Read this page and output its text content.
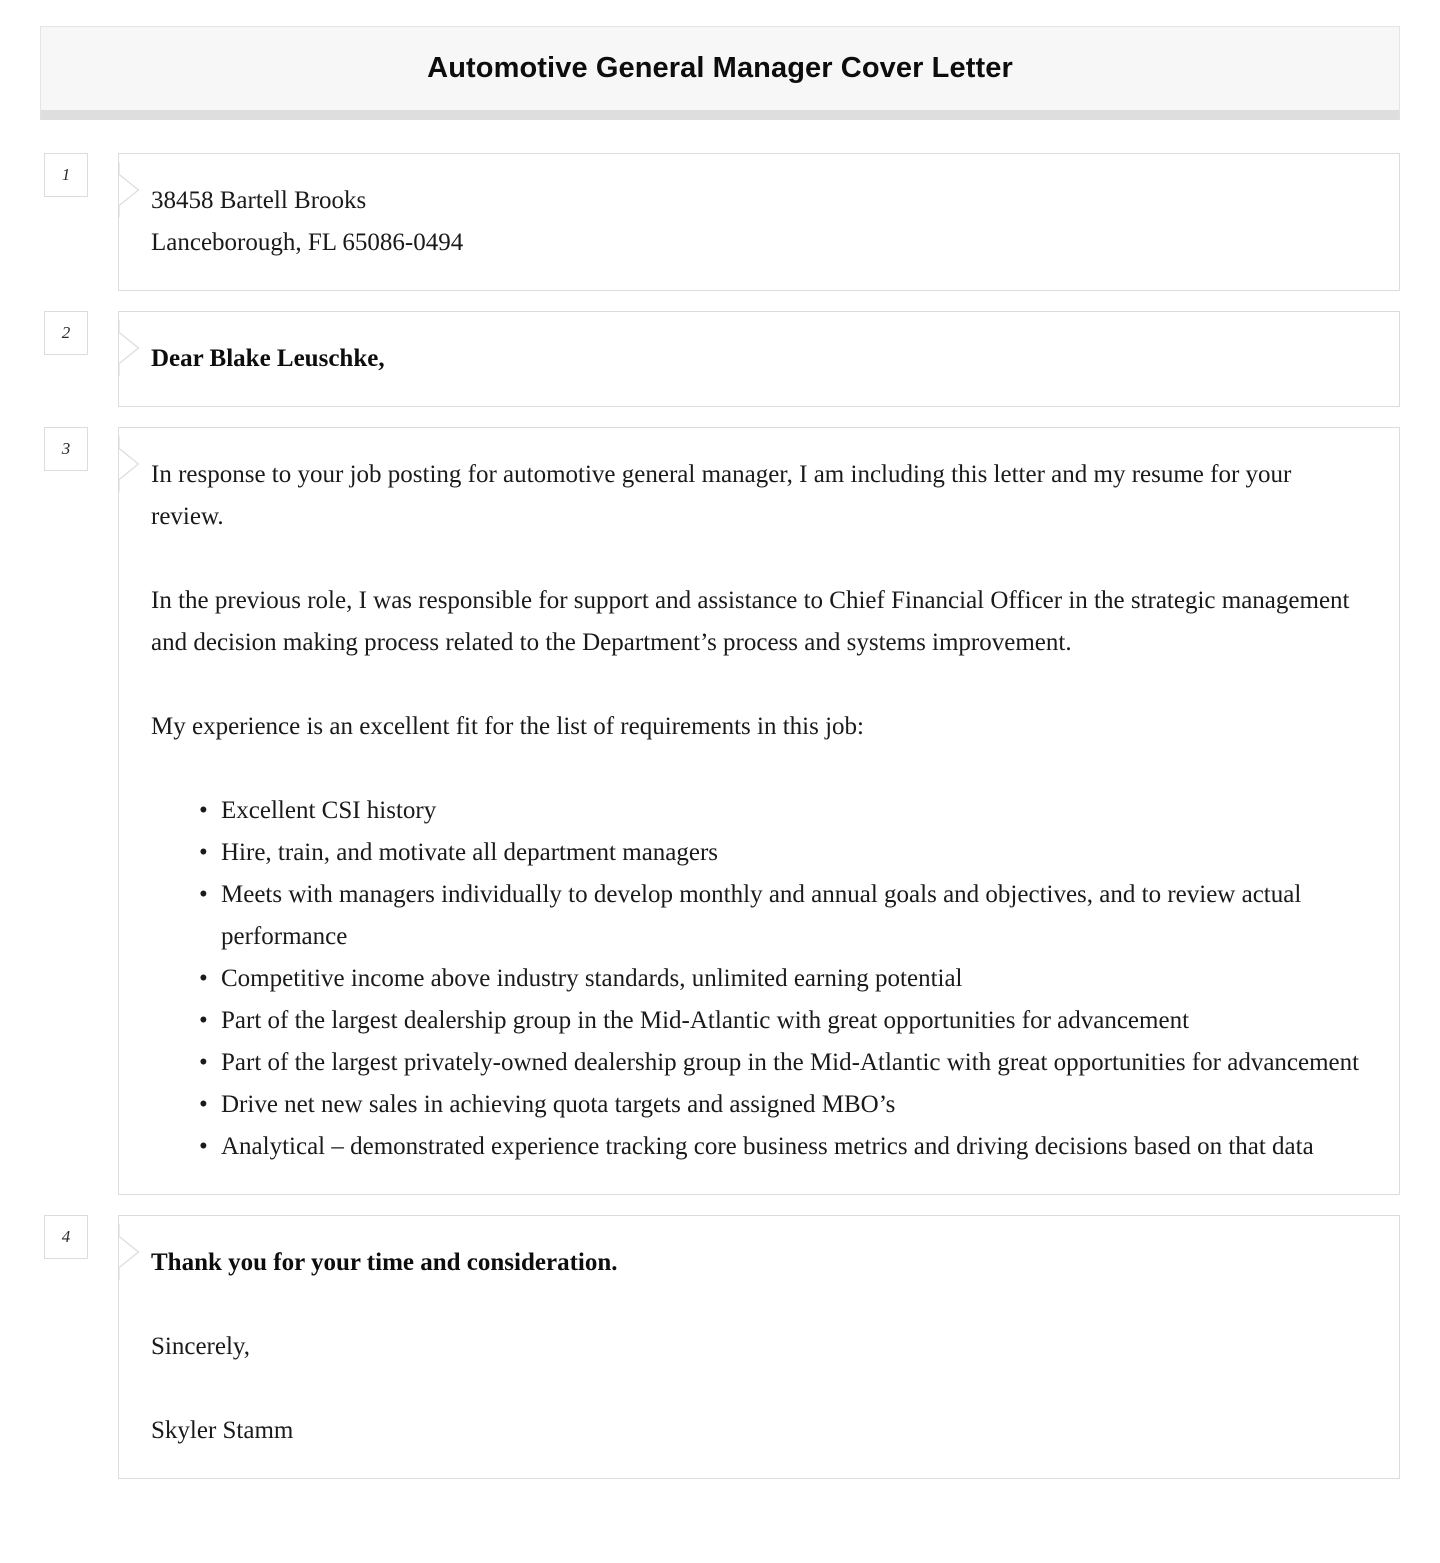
Automotive General Manager Cover Letter
1
38458 Bartell Brooks
Lanceborough, FL 65086-0494
2
Dear Blake Leuschke,
3

In response to your job posting for automotive general manager, I am including this letter and my resume for your review.

In the previous role, I was responsible for support and assistance to Chief Financial Officer in the strategic management and decision making process related to the Department’s process and systems improvement.

My experience is an excellent fit for the list of requirements in this job:

• Excellent CSI history
• Hire, train, and motivate all department managers
• Meets with managers individually to develop monthly and annual goals and objectives, and to review actual performance
• Competitive income above industry standards, unlimited earning potential
• Part of the largest dealership group in the Mid-Atlantic with great opportunities for advancement
• Part of the largest privately-owned dealership group in the Mid-Atlantic with great opportunities for advancement
• Drive net new sales in achieving quota targets and assigned MBO’s
• Analytical – demonstrated experience tracking core business metrics and driving decisions based on that data
4
Thank you for your time and consideration.
Sincerely,
Skyler Stamm
